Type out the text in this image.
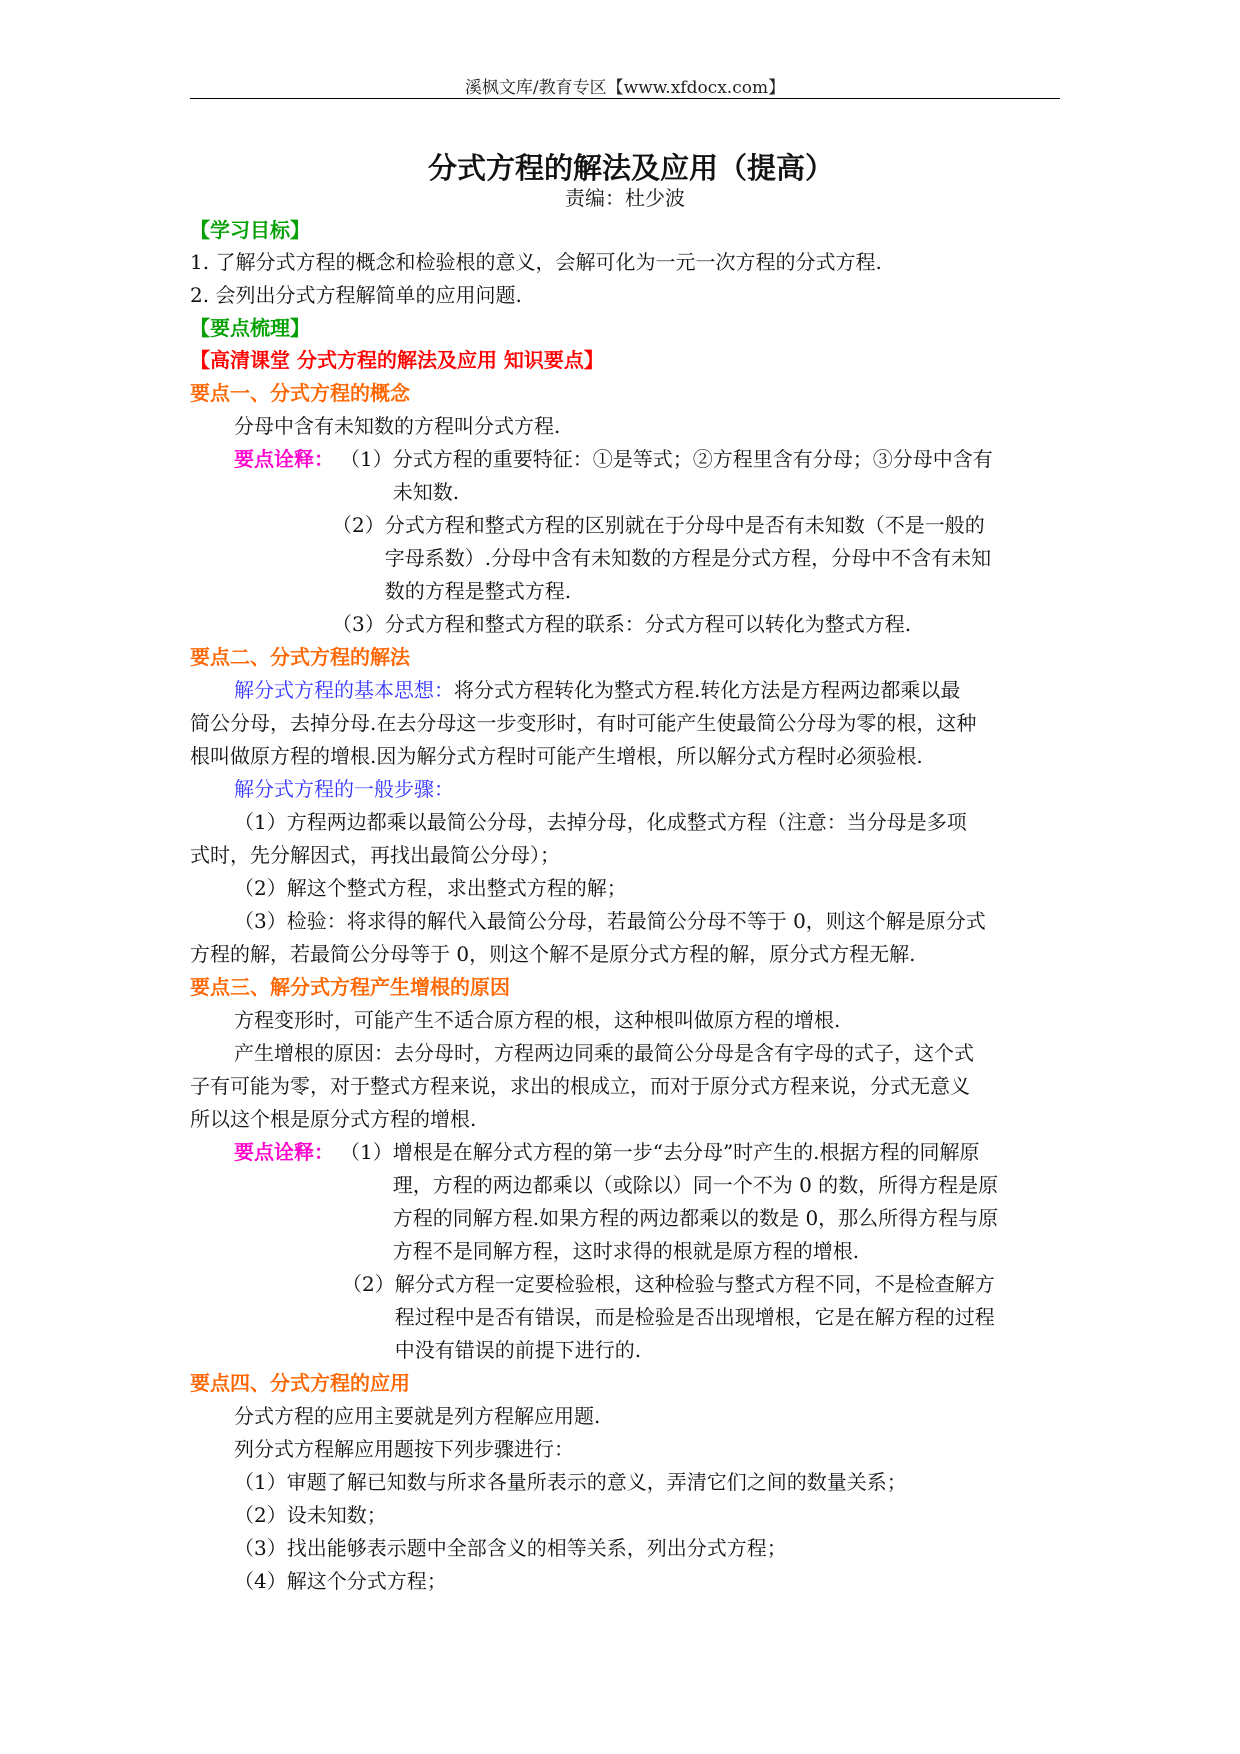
溪枫文库/教育专区【www.xfdocx.com】
分式方程的解法及应用（提高）
责编：杜少波
【学习目标】
1. 了解分式方程的概念和检验根的意义，会解可化为一元一次方程的分式方程.
2. 会列出分式方程解简单的应用问题.
【要点梳理】
【高清课堂 分式方程的解法及应用 知识要点】
要点一、分式方程的概念
分母中含有未知数的方程叫分式方程.
要点诠释： （1） 分式方程的重要特征：①是等式；②方程里含有分母；③分母中含有
未知数.
（2） 分式方程和整式方程的区别就在于分母中是否有未知数（不是一般的
字母系数）.分母中含有未知数的方程是分式方程，分母中不含有未知
数的方程是整式方程.
（3） 分式方程和整式方程的联系：分式方程可以转化为整式方程.
要点二、分式方程的解法
解分式方程的基本思想：将分式方程转化为整式方程.转化方法是方程两边都乘以最
简公分母，去掉分母.在去分母这一步变形时，有时可能产生使最简公分母为零的根，这种
根叫做原方程的增根.因为解分式方程时可能产生增根，所以解分式方程时必须验根.
解分式方程的一般步骤：
（1）方程两边都乘以最简公分母，去掉分母，化成整式方程（注意：当分母是多项
式时，先分解因式，再找出最简公分母）；
（2）解这个整式方程，求出整式方程的解；
（3）检验：将求得的解代入最简公分母，若最简公分母不等于 0，则这个解是原分式
方程的解，若最简公分母等于 0，则这个解不是原分式方程的解，原分式方程无解.
要点三、解分式方程产生增根的原因
方程变形时，可能产生不适合原方程的根，这种根叫做原方程的增根.
产生增根的原因：去分母时，方程两边同乘的最简公分母是含有字母的式子，这个式
子有可能为零，对于整式方程来说，求出的根成立，而对于原分式方程来说，分式无意义
所以这个根是原分式方程的增根.
要点诠释： （1） 增根是在解分式方程的第一步“去分母”时产生的.根据方程的同解原
理，方程的两边都乘以（或除以）同一个不为 0 的数，所得方程是原
方程的同解方程.如果方程的两边都乘以的数是 0，那么所得方程与原
方程不是同解方程，这时求得的根就是原方程的增根.
（2） 解分式方程一定要检验根，这种检验与整式方程不同，不是检查解方
程过程中是否有错误，而是检验是否出现增根，它是在解方程的过程
中没有错误的前提下进行的.
要点四、分式方程的应用
分式方程的应用主要就是列方程解应用题.
列分式方程解应用题按下列步骤进行：
（1）审题了解已知数与所求各量所表示的意义，弄清它们之间的数量关系；
（2）设未知数；
（3）找出能够表示题中全部含义的相等关系，列出分式方程；
（4）解这个分式方程；
